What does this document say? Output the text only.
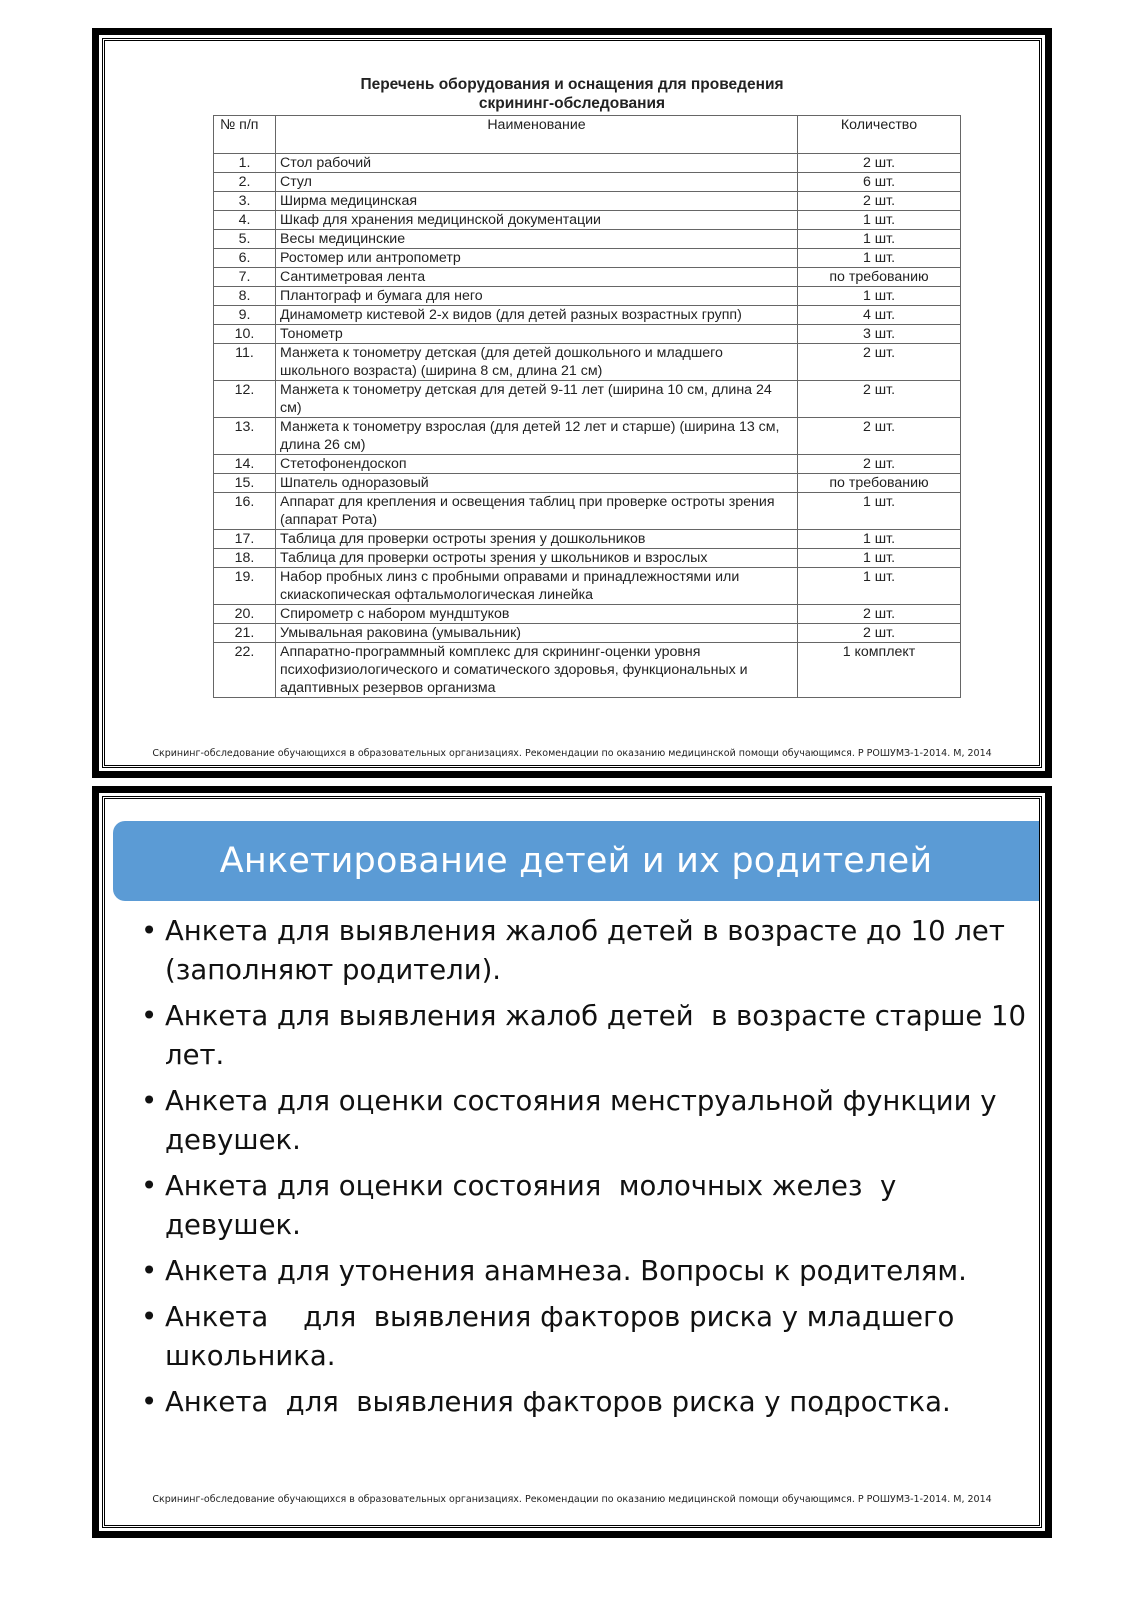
Перечень оборудования и оснащения для проведения
скрининг-обследования
№ п/п	Наименование	Количество
1.	Стол рабочий	2 шт.
2.	Стул	6 шт.
3.	Ширма медицинская	2 шт.
4.	Шкаф для хранения медицинской документации	1 шт.
5.	Весы медицинские	1 шт.
6.	Ростомер или антропометр	1 шт.
7.	Сантиметровая лента	по требованию
8.	Плантограф и бумага для него	1 шт.
9.	Динамометр кистевой 2-х видов (для детей разных возрастных групп)	4 шт.
10.	Тонометр	3 шт.
11.	Манжета к тонометру детская (для детей дошкольного и младшего школьного возраста) (ширина 8 см, длина 21 см)	2 шт.
12.	Манжета к тонометру детская для детей 9-11 лет (ширина 10 см, длина 24 см)	2 шт.
13.	Манжета к тонометру взрослая (для детей 12 лет и старше) (ширина 13 см, длина 26 см)	2 шт.
14.	Стетофонендоскоп	2 шт.
15.	Шпатель одноразовый	по требованию
16.	Аппарат для крепления и освещения таблиц при проверке остроты зрения (аппарат Рота)	1 шт.
17.	Таблица для проверки остроты зрения у дошкольников	1 шт.
18.	Таблица для проверки остроты зрения у школьников и взрослых	1 шт.
19.	Набор пробных линз с пробными оправами и принадлежностями или скиаскопическая офтальмологическая линейка	1 шт.
20.	Спирометр с набором мундштуков	2 шт.
21.	Умывальная раковина (умывальник)	2 шт.
22.	Аппаратно-программный комплекс для скрининг-оценки уровня психофизиологического и соматического здоровья, функциональных и адаптивных резервов организма	1 комплект
Скрининг-обследование обучающихся в образовательных организациях. Рекомендации по оказанию медицинской помощи обучающимся. Р РОШУМЗ-1-2014. М, 2014
Анкетирование детей и их родителей
• Анкета для выявления жалоб детей в возрасте до 10 лет (заполняют родители).
• Анкета для выявления жалоб детей  в возрасте старше 10 лет.
• Анкета для оценки состояния менструальной функции у девушек.
• Анкета для оценки состояния  молочных желез  у девушек.
• Анкета для утонения анамнеза. Вопросы к родителям.
• Анкета    для  выявления факторов риска у младшего школьника.
• Анкета  для  выявления факторов риска у подростка.
Скрининг-обследование обучающихся в образовательных организациях. Рекомендации по оказанию медицинской помощи обучающимся. Р РОШУМЗ-1-2014. М, 2014
